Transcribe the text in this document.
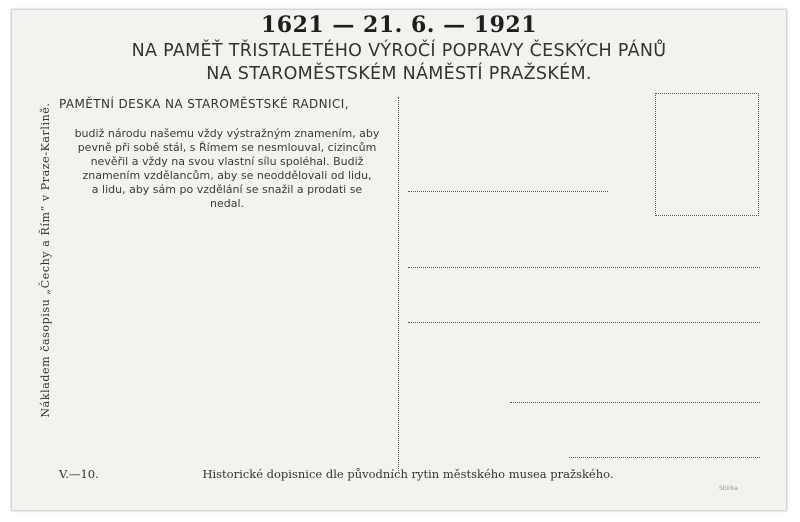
1621 — 21. 6. — 1921
NA PAMĚŤ TŘISTALETÉHO VÝROČÍ POPRAVY ČESKÝCH PÁNŮ
NA STAROMĚSTSKÉM NÁMĚSTÍ PRAŽSKÉM.
Nákladem časopisu „Čechy a Řím“ v Praze-Karlině. PAMĚTNÍ DESKA NA STAROMĚSTSKÉ RADNICI,
budiž národu našemu vždy výstražným znamením, aby
pevně při sobě stál, s Římem se nesmlouval, cizincům
nevěřil a vždy na svou vlastní sílu spoléhal. Budiž
znamením vzdělancům, aby se neoddělovali od lidu,
a lidu, aby sám po vzdělání se snažil a prodati se
nedal.
V.—10.	Historické dopisnice dle původních rytin městského musea pražského.
Sbírka
